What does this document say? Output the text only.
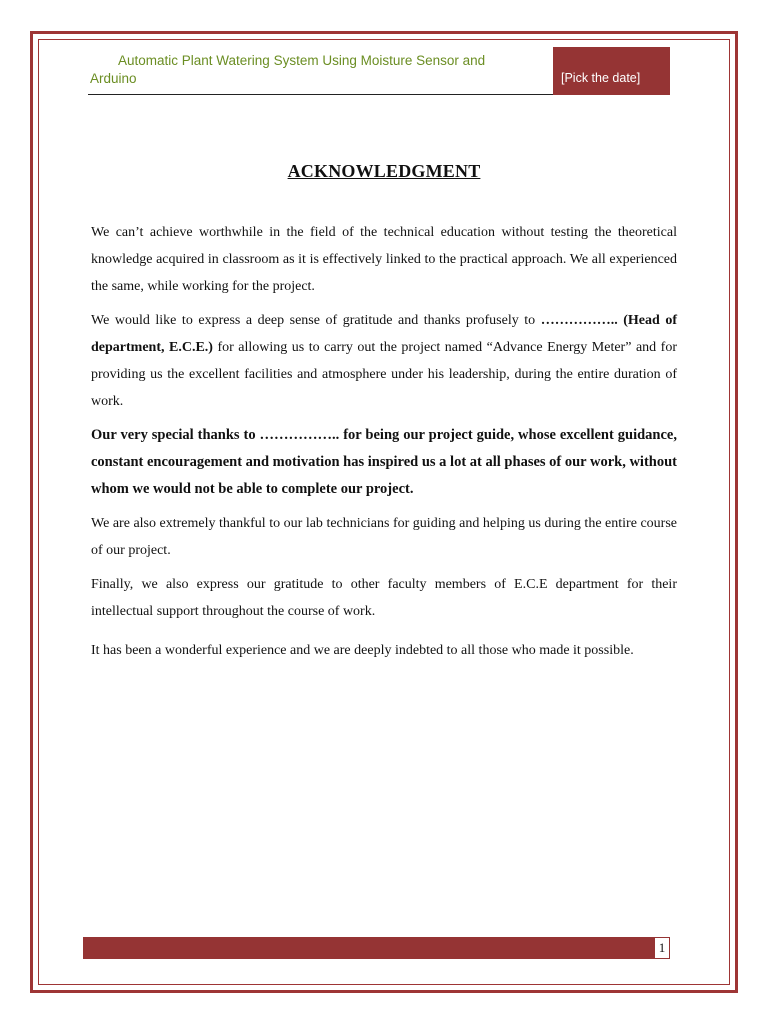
Automatic Plant Watering System Using Moisture Sensor and
Arduino	[Pick the date]
ACKNOWLEDGMENT

We can’t achieve worthwhile in the field of the technical education without testing the theoretical knowledge acquired in classroom as it is effectively linked to the practical approach. We all experienced the same, while working for the project.

We would like to express a deep sense of gratitude and thanks profusely to …………….. (Head of department, E.C.E.) for allowing us to carry out the project named “Advance Energy Meter” and for providing us the excellent facilities and atmosphere under his leadership, during the entire duration of work.

Our very special thanks to …………….. for being our project guide, whose excellent guidance, constant encouragement and motivation has inspired us a lot at all phases of our work, without whom we would not be able to complete our project.

We are also extremely thankful to our lab technicians for guiding and helping us during the entire course of our project.

Finally, we also express our gratitude to other faculty members of E.C.E department for their intellectual support throughout the course of work.

It has been a wonderful experience and we are deeply indebted to all those who made it possible.

1
